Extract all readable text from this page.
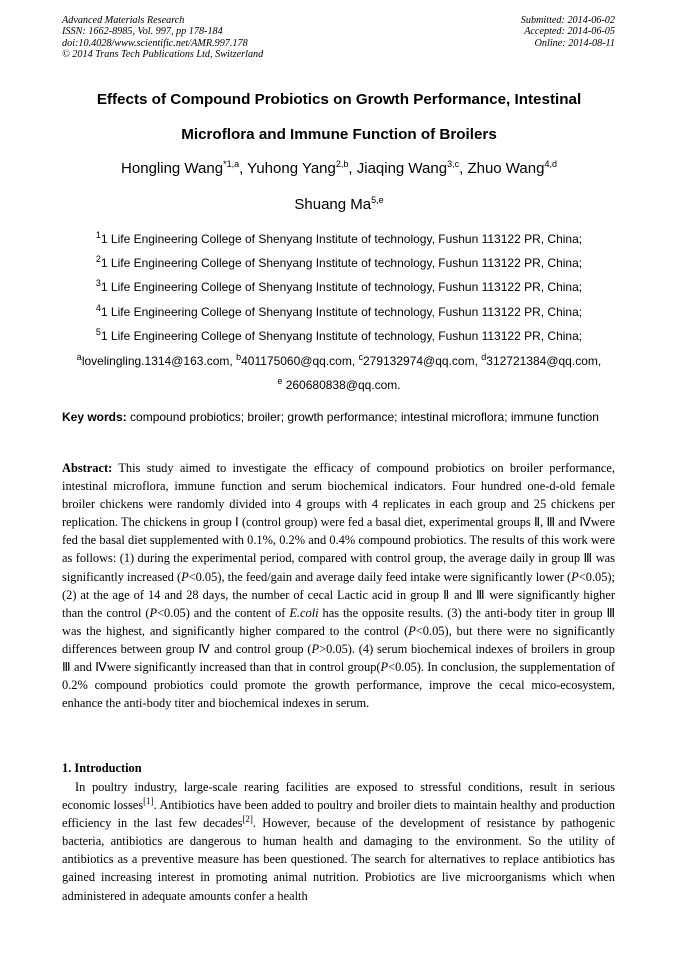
Advanced Materials Research
ISSN: 1662-8985, Vol. 997, pp 178-184
doi:10.4028/www.scientific.net/AMR.997.178
© 2014 Trans Tech Publications Ltd, Switzerland
Submitted: 2014-06-02
Accepted: 2014-06-05
Online: 2014-08-11
Effects of Compound Probiotics on Growth Performance, Intestinal
Microflora and Immune Function of Broilers
Hongling Wang$^{*1,a}$, Yuhong Yang$^{2,b}$, Jiaqing Wang$^{3,c}$, Zhuo Wang$^{4,d}$
Shuang Ma$^{5,e}$
$^1$1 Life Engineering College of Shenyang Institute of technology, Fushun 113122 PR, China;
$^2$1 Life Engineering College of Shenyang Institute of technology, Fushun 113122 PR, China;
$^3$1 Life Engineering College of Shenyang Institute of technology, Fushun 113122 PR, China;
$^4$1 Life Engineering College of Shenyang Institute of technology, Fushun 113122 PR, China;
$^5$1 Life Engineering College of Shenyang Institute of technology, Fushun 113122 PR, China;
$^a$lovelingling.1314@163.com, $^b$401175060@qq.com, $^c$279132974@qq.com, $^d$312721384@qq.com,
$^e$ 260680838@qq.com.
Key words: compound probiotics; broiler; growth performance; intestinal microflora; immune function
Abstract: This study aimed to investigate the efficacy of compound probiotics on broiler performance, intestinal microflora, immune function and serum biochemical indicators. Four hundred one-d-old female broiler chickens were randomly divided into 4 groups with 4 replicates in each group and 25 chickens per replication. The chickens in group Ⅰ (control group) were fed a basal diet, experimental groups Ⅱ, Ⅲ and Ⅳwere fed the basal diet supplemented with 0.1%, 0.2% and 0.4% compound probiotics. The results of this work were as follows: (1) during the experimental period, compared with control group, the average daily in group Ⅲ was significantly increased (P<0.05), the feed/gain and average daily feed intake were significantly lower (P<0.05); (2) at the age of 14 and 28 days, the number of cecal Lactic acid in group Ⅱ and Ⅲ were significantly higher than the control (P<0.05) and the content of E.coli has the opposite results. (3) the anti-body titer in group Ⅲ was the highest, and significantly higher compared to the control (P<0.05), but there were no significantly differences between group Ⅳ and control group (P>0.05). (4) serum biochemical indexes of broilers in group Ⅲ and Ⅳwere significantly increased than that in control group(P<0.05). In conclusion, the supplementation of 0.2% compound probiotics could promote the growth performance, improve the cecal mico-ecosystem, enhance the anti-body titer and biochemical indexes in serum.
1. Introduction
In poultry industry, large-scale rearing facilities are exposed to stressful conditions, result in serious economic losses[1]. Antibiotics have been added to poultry and broiler diets to maintain healthy and production efficiency in the last few decades[2]. However, because of the development of resistance by pathogenic bacteria, antibiotics are dangerous to human health and damaging to the environment. So the utility of antibiotics as a preventive measure has been questioned. The search for alternatives to replace antibiotics has gained increasing interest in promoting animal nutrition. Probiotics are live microorganisms which when administered in adequate amounts confer a health
